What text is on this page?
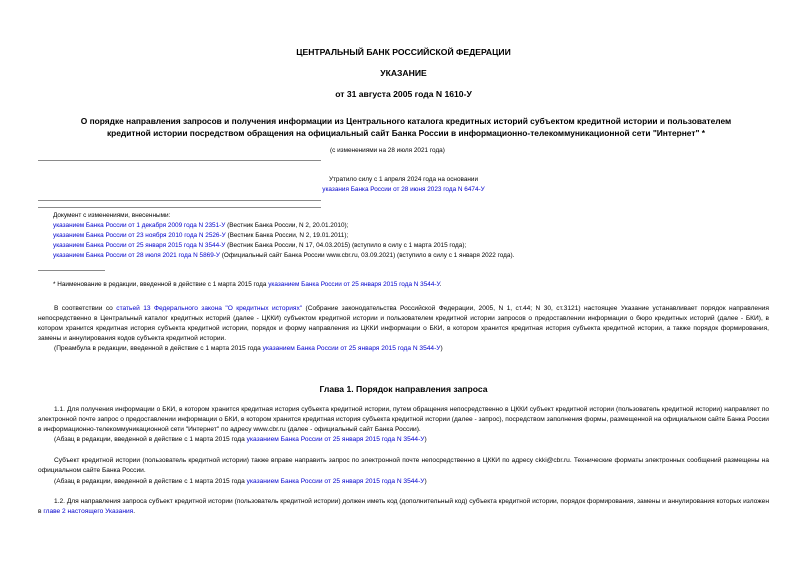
ЦЕНТРАЛЬНЫЙ БАНК РОССИЙСКОЙ ФЕДЕРАЦИИ
УКАЗАНИЕ
от 31 августа 2005 года N 1610-У
О порядке направления запросов и получения информации из Центрального каталога кредитных историй субъектом кредитной истории и пользователем
кредитной истории посредством обращения на официальный сайт Банка России в информационно-телекоммуникационной сети "Интернет" *
(с изменениями на 28 июля 2021 года)
Утратило силу с 1 апреля 2024 года на основании
указания Банка России от 28 июня 2023 года N 6474-У
Документ с изменениями, внесенными:
указанием Банка России от 1 декабря 2009 года N 2351-У (Вестник Банка России, N 2, 20.01.2010);
указанием Банка России от 23 ноября 2010 года N 2526-У (Вестник Банка России, N 2, 19.01.2011);
указанием Банка России от 25 января 2015 года N 3544-У (Вестник Банка России, N 17, 04.03.2015) (вступило в силу с 1 марта 2015 года);
указанием Банка России от 28 июля 2021 года N 5869-У (Официальный сайт Банка России www.cbr.ru, 03.09.2021) (вступило в силу с 1 января 2022 года).
* Наименование в редакции, введенной в действие с 1 марта 2015 года указанием Банка России от 25 января 2015 года N 3544-У.
В соответствии со статьей 13 Федерального закона "О кредитных историях" (Собрание законодательства Российской Федерации, 2005, N 1, ст.44; N 30, ст.3121) настоящее Указание устанавливает порядок направления непосредственно в Центральный каталог кредитных историй (далее - ЦККИ) субъектом кредитной истории и пользователем кредитной истории запросов о предоставлении информации о бюро кредитных историй (далее - БКИ), в котором хранится кредитная история субъекта кредитной истории, порядок и форму направления из ЦККИ информации о БКИ, в котором хранится кредитная история субъекта кредитной истории, а также порядок формирования, замены и аннулирования кодов субъекта кредитной истории.
(Преамбула в редакции, введенной в действие с 1 марта 2015 года указанием Банка России от 25 января 2015 года N 3544-У)
Глава 1. Порядок направления запроса
1.1. Для получения информации о БКИ, в котором хранится кредитная история субъекта кредитной истории, путем обращения непосредственно в ЦККИ субъект кредитной истории (пользователь кредитной истории) направляет по электронной почте запрос о предоставлении информации о БКИ, в котором хранится кредитная история субъекта кредитной истории (далее - запрос), посредством заполнения формы, размещенной на официальном сайте Банка России в информационно-телекоммуникационной сети "Интернет" по адресу www.cbr.ru (далее - официальный сайт Банка России).
(Абзац в редакции, введенной в действие с 1 марта 2015 года указанием Банка России от 25 января 2015 года N 3544-У)
Субъект кредитной истории (пользователь кредитной истории) также вправе направить запрос по электронной почте непосредственно в ЦККИ по адресу ckki@cbr.ru. Технические форматы электронных сообщений размещены на официальном сайте Банка России.
(Абзац в редакции, введенной в действие с 1 марта 2015 года указанием Банка России от 25 января 2015 года N 3544-У)
1.2. Для направления запроса субъект кредитной истории (пользователь кредитной истории) должен иметь код (дополнительный код) субъекта кредитной истории, порядок формирования, замены и аннулирования которых изложен в главе 2 настоящего Указания.
